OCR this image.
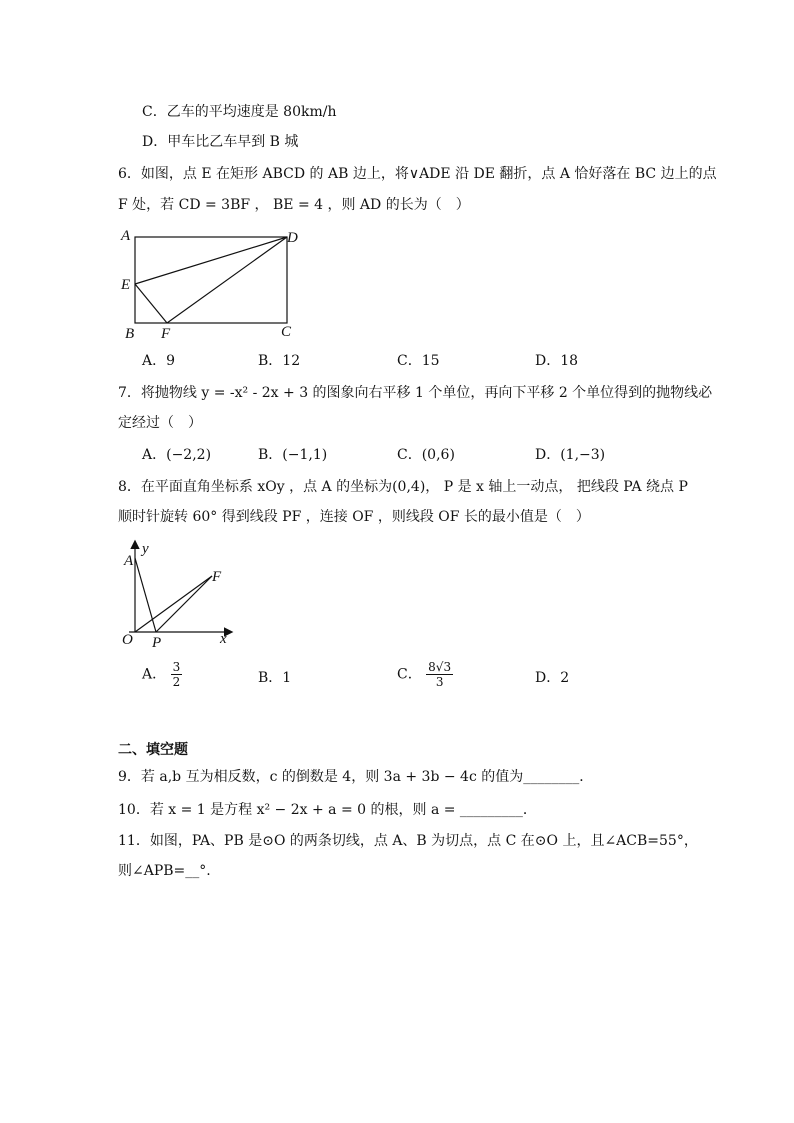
C．乙车的平均速度是 80km/h
D．甲车比乙车早到 B 城
6．如图，点 E 在矩形 ABCD 的 AB 边上，将∨ADE 沿 DE 翻折，点 A 恰好落在 BC 边上的点
F 处，若 CD = 3BF ， BE = 4 ，则 AD 的长为（　）
A	D
E
B F	C
A．9	B．12	C．15	D．18
7．将抛物线 y = -x² - 2x + 3 的图象向右平移 1 个单位，再向下平移 2 个单位得到的抛物线必
定经过（　）
A．(−2,2)	B．(−1,1)	C．(0,6)	D．(1,−3)
8．在平面直角坐标系 xOy ，点 A 的坐标为(0,4)， P 是 x 轴上一动点， 把线段 PA 绕点 P
顺时针旋转 60° 得到线段 PF ，连接 OF ，则线段 OF 长的最小值是（　）
y
A
F
O P	x
A． $\frac{3}{2}$	B．1	C． $\frac{8√3}{3}$	D．2
二、填空题
9．若 a,b 互为相反数，c 的倒数是 4，则 3a + 3b − 4c 的值为________．
10．若 x = 1 是方程 x² − 2x + a = 0 的根，则 a = _________．
11．如图，PA、PB 是⊙O 的两条切线，点 A、B 为切点，点 C 在⊙O 上，且∠ACB=55°，
则∠APB=__°.
